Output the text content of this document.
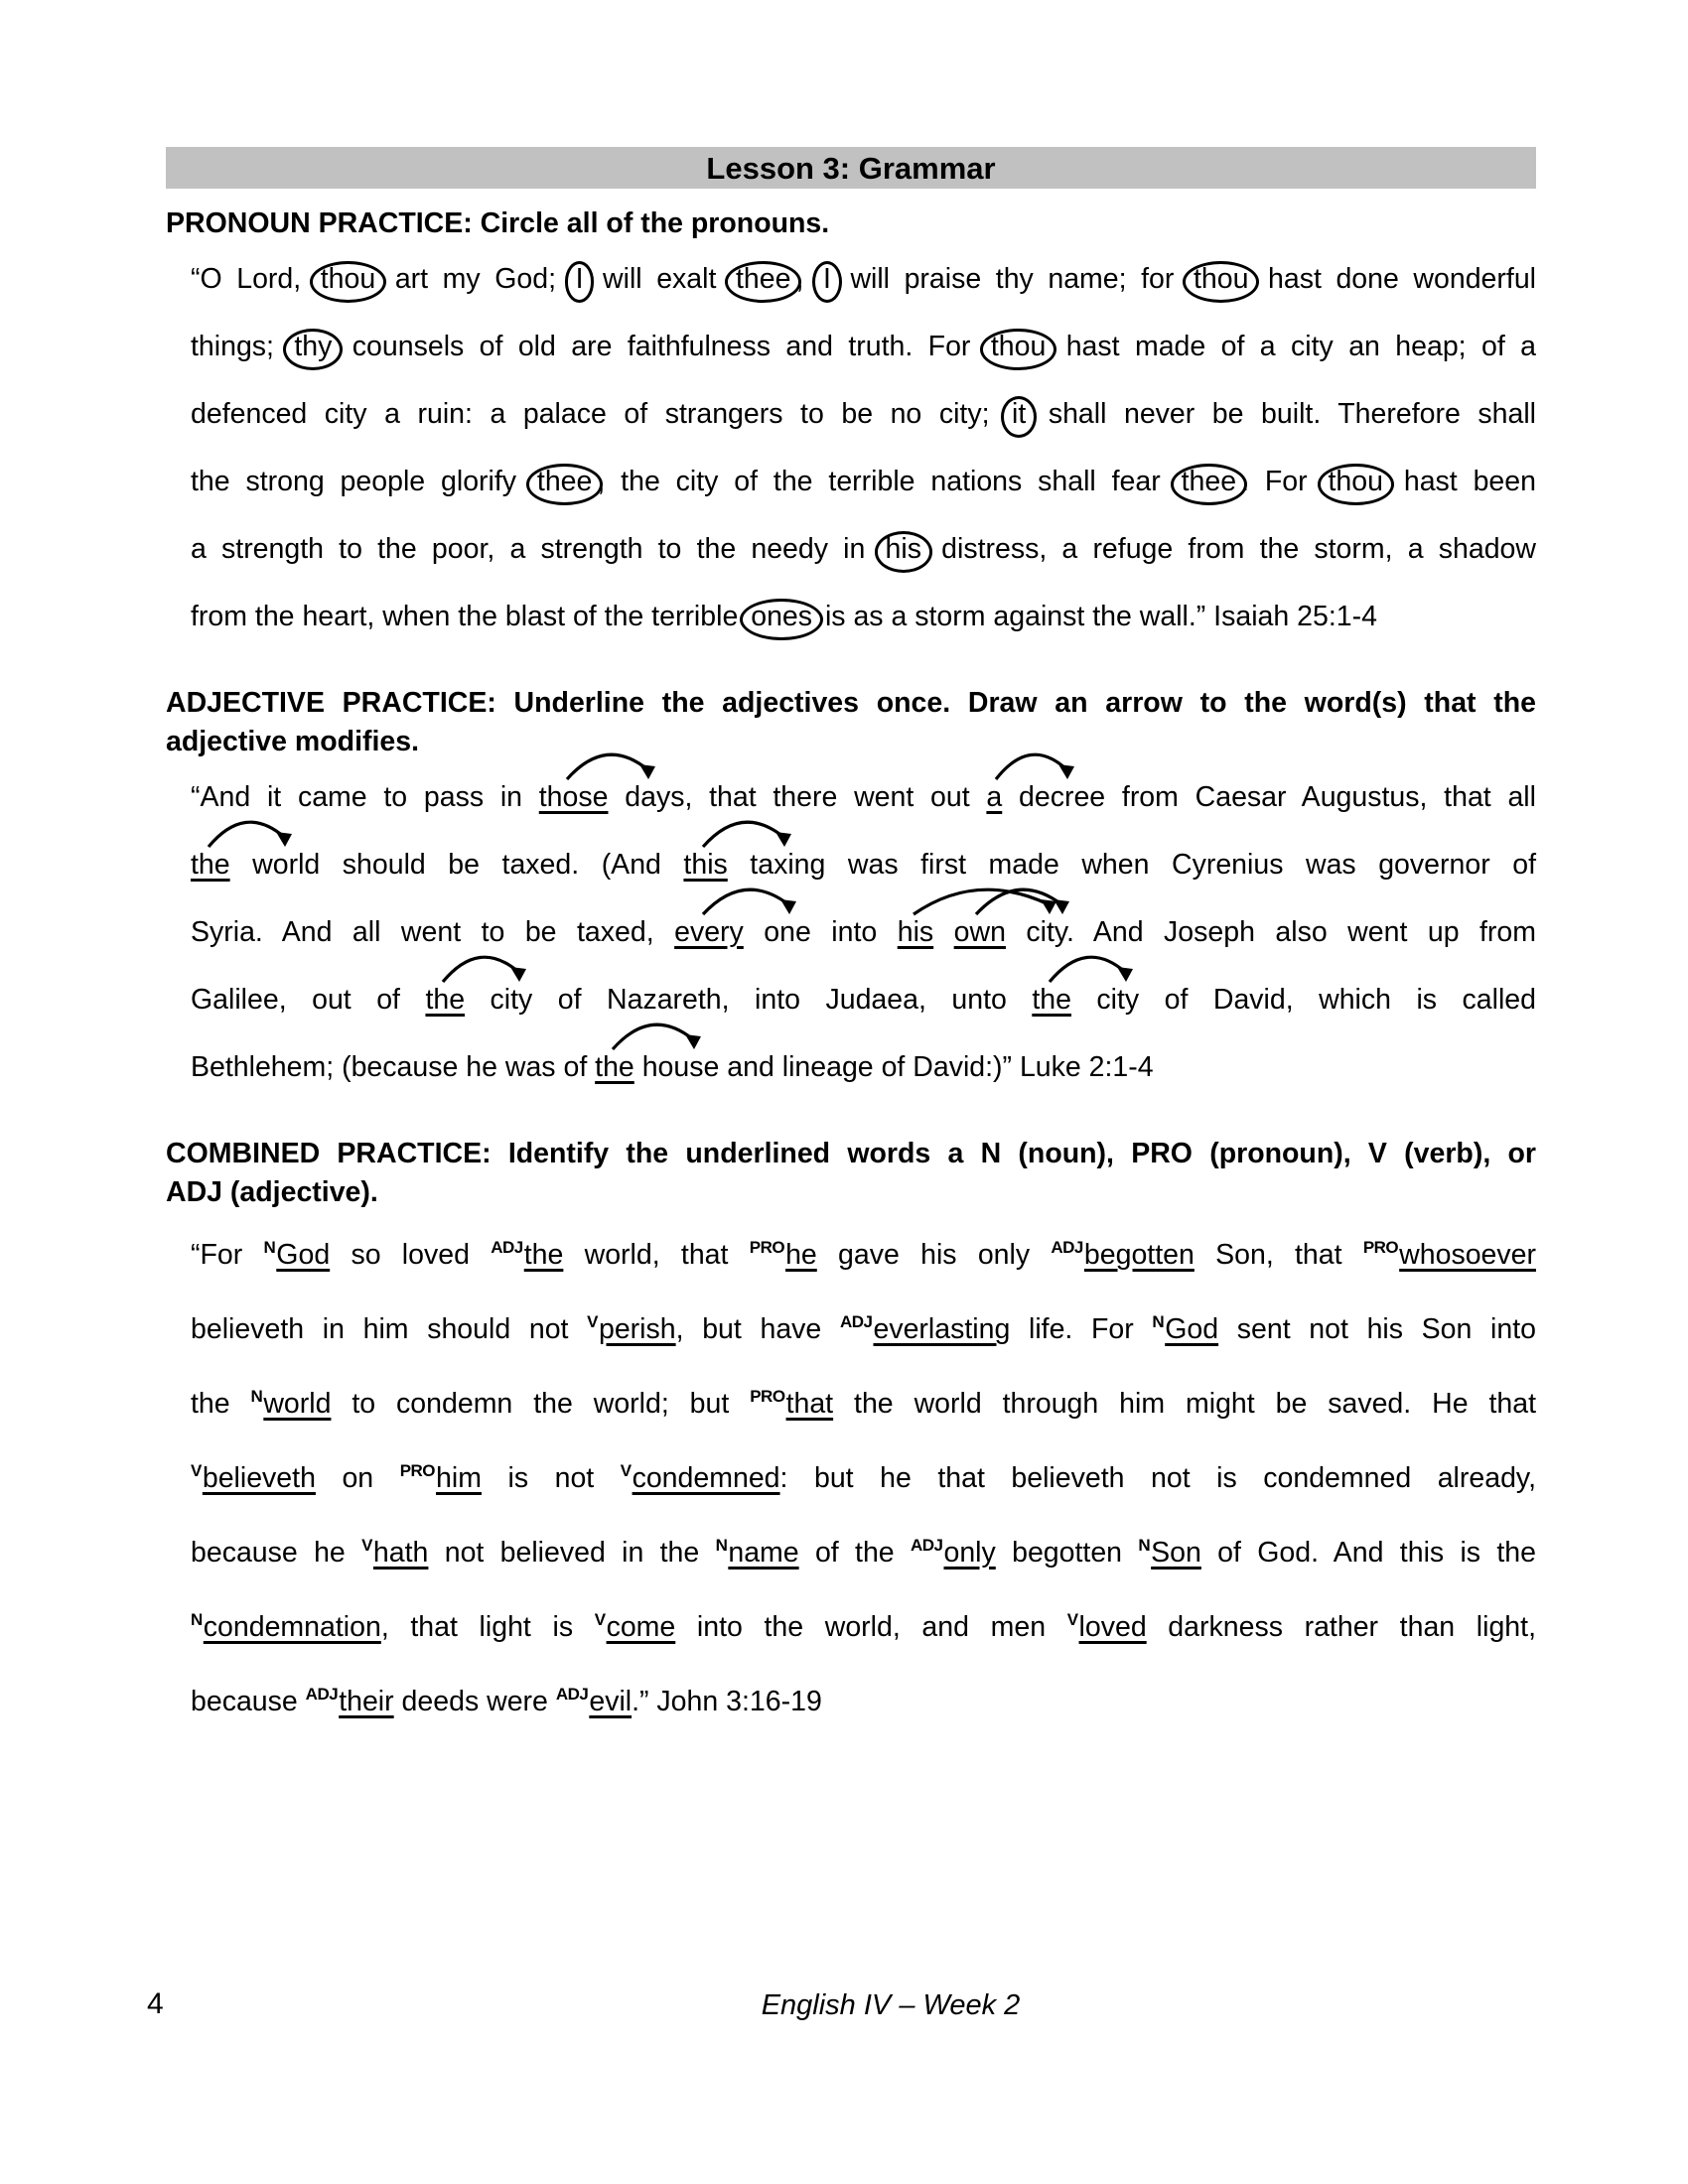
Lesson 3: Grammar
PRONOUN PRACTICE: Circle all of the pronouns.
“O Lord, thou art my God; I will exalt thee , I will praise thy name; for thou hast done wonderful
things; thy counsels of old are faithfulness and truth. For thou hast made of a city an heap; of a
defenced city a ruin: a palace of strangers to be no city; it shall never be built. Therefore shall
the strong people glorify thee , the city of the terrible nations shall fear thee . For thou hast been
a strength to the poor, a strength to the needy in his distress, a refuge from the storm, a shadow
from the heart, when the blast of the terrible ones is as a storm against the wall.” Isaiah 25:1-4
ADJECTIVE PRACTICE: Underline the adjectives once. Draw an arrow to the word(s) that the
adjective modifies.
“And it came to pass in those
days, that there went out a
decree from Caesar Augustus, that all
the
world should be taxed. (And this
taxing was first made when Cyrenius was governor of
Syria. And all went to be taxed, every
one into his own
city. And Joseph also went up from
Galilee, out of the
city of Nazareth, into Judaea, unto the
city of David, which is called
Bethlehem; (because he was of the
house and lineage of David:)” Luke 2:1-4
COMBINED PRACTICE: Identify the underlined words a N (noun), PRO (pronoun), V (verb), or
ADJ (adjective).
“For $^N$God so loved $^{ADJ}$the world, that $^{PRO}$he gave his only $^{ADJ}$begotten Son, that $^{PRO}$whosoever
believeth in him should not $^V$perish, but have $^{ADJ}$everlasting life. For $^N$God sent not his Son into
the $^N$world to condemn the world; but $^{PRO}$that the world through him might be saved. He that
$^V$believeth on $^{PRO}$him is not $^V$condemned: but he that believeth not is condemned already,
because he $^V$hath not believed in the $^N$name of the $^{ADJ}$only begotten $^N$Son of God. And this is the
$^N$condemnation, that light is $^V$come into the world, and men $^V$loved darkness rather than light,
because $^{ADJ}$their deeds were $^{ADJ}$evil.” John 3:16-19
4	English IV – Week 2
